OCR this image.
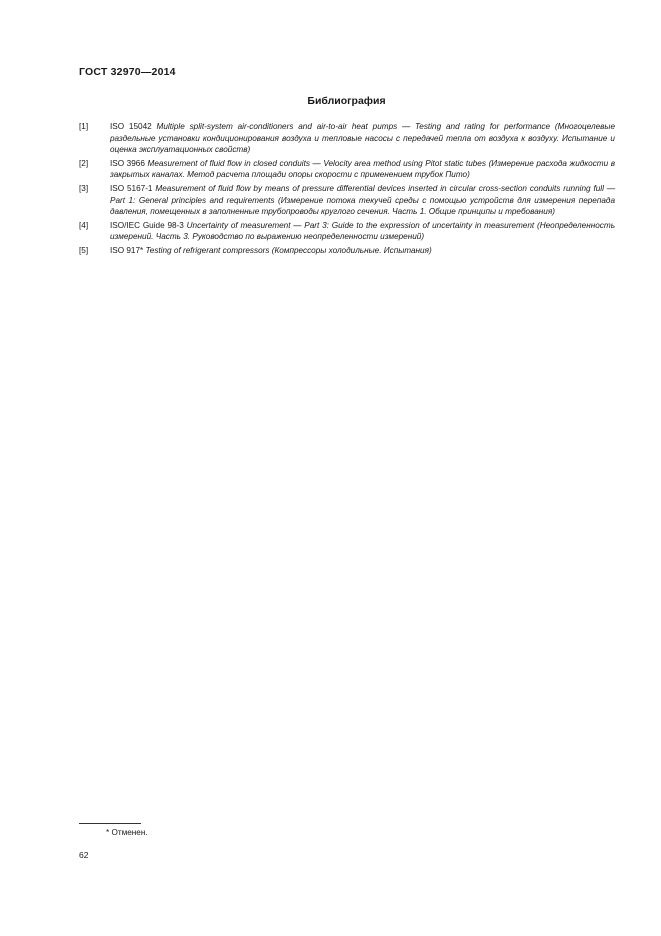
ГОСТ 32970—2014
Библиография
[1]	ISO 15042 Multiple split-system air-conditioners and air-to-air heat pumps — Testing and rating for performance (Многоцелевые раздельные установки кондиционирования воздуха и тепловые насосы с передачей тепла от воздуха к воздуху. Испытание и оценка эксплуатационных свойств)
[2]	ISO 3966 Measurement of fluid flow in closed conduits — Velocity area method using Pitot static tubes (Измерение расхода жидкости в закрытых каналах. Метод расчета площади опоры скорости с применением трубок Пито)
[3]	ISO 5167-1 Measurement of fluid flow by means of pressure differential devices inserted in circular cross-section conduits running full — Part 1: General principles and requirements (Измерение потока текучей среды с помощью устройств для измерения перепада давления, помещенных в заполненные трубопроводы круглого сечения. Часть 1. Общие принципы и требования)
[4]	ISO/IEC Guide 98-3 Uncertainty of measurement — Part 3: Guide to the expression of uncertainty in measurement (Неопределенность измерений. Часть 3. Руководство по выражению неопределенности измерений)
[5]	ISO 917* Testing of refrigerant compressors (Компрессоры холодильные. Испытания)
* Отменен.
62
